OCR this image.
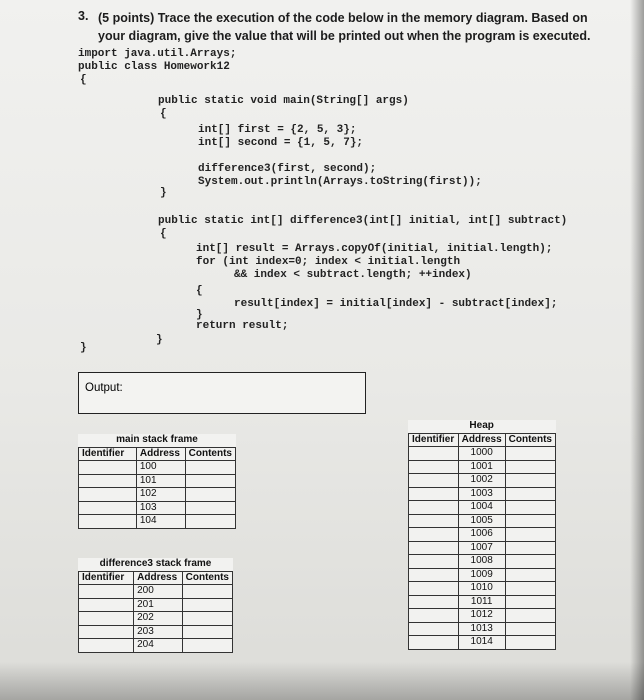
3. (5 points) Trace the execution of the code below in the memory diagram. Based on your diagram, give the value that will be printed out when the program is executed.
import java.util.Arrays;
public class Homework12
{
public static void main(String[] args)
{
int[] first = {2, 5, 3};
int[] second = {1, 5, 7};
difference3(first, second);
System.out.println(Arrays.toString(first));
}
public static int[] difference3(int[] initial, int[] subtract)
{
int[] result = Arrays.copyOf(initial, initial.length);
for (int index=0; index < initial.length
&& index < subtract.length; ++index)
{
result[index] = initial[index] - subtract[index];
}
return result;
}
}
Output:
main stack frame		
Identifier	Address	Contents
	100	
	101	
	102	
	103	
	104	
difference3 stack frame		
Identifier	Address	Contents
	200	
	201	
	202	
	203	
	204	
	Heap	
Identifier	Address	Contents
	1000	
	1001	
	1002	
	1003	
	1004	
	1005	
	1006	
	1007	
	1008	
	1009	
	1010	
	1011	
	1012	
	1013	
	1014	
